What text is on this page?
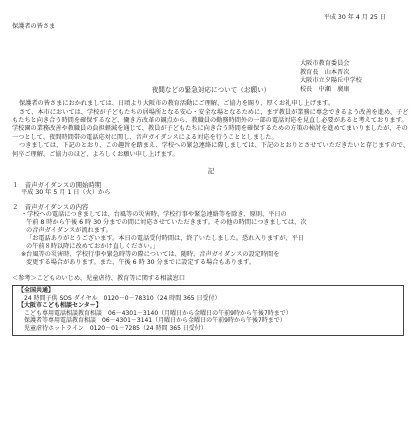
平成 30 年 4 月 25 日
保護者の皆さま
大阪市教育委員会
教育長　山本晋次
大阪市立夕陽丘中学校
校長　中瀬　廣康
夜間などの緊急対応について（お願い）

保護者の皆さまにおかれましては、日頃より大阪市の教育活動にご理解、ご協力を賜り、厚くお礼申し上げます。

さて、本市においては、学校が子どもたちの居場所となる安心・安全な場となるために、まず教員が業務に専念できるよう改善を進め、子どもたちと向き合う時間を確保するなど、働き方改革の観点から、教職員の勤務時間外の一部の電話対応を見直し必要があると考えております。学校園の業務改善や教職員の負担軽減を通じて、教員が子どもたちに向き合う時間を確保するための方策の検討を進めてまいりましたが、その一つとして、夜間時間帯の電話応対に関し、音声ガイダンスによる対応を行うこととしました。

つきましては、下記のとおり、この趣旨を踏まえ、学校への緊急連絡に際しましては、下記のとおりとさせていただきたいと存じますので、何卒ご理解、ご協力のほど、よろしくお願い申し上げます。

記
１　音声ガイダンスの開始時期
平成 30 年 5 月 1 日（火）から
２　音声ガイダンスの内容
・学校への電話につきましては、台風等の災害時、学校行事や緊急連絡等を除き、原則、平日の
午前 8 時から午後 6 時 30 分までの間に対応させていただきます。その他の時間につきましては、次
の音声ガイダンスが流れます。
「お電話ありがとうございます。本日の電話受付時間は、終了いたしました。恐れ入りますが、平日
の午前８時以降に改めておかけ直しください。」
※台風等の災害時、学校行事や緊急時等の際については、随時、音声ガイダンスの設定時間を
変更する場合があります。また、午後 6 時 30 分までに設定する場合もあります。
＜参考＞こどものいじめ、児童虐待、教育等に関する相談窓口
【全国共通】
24 時間子供 SOS ダイヤル　0120－0－78310（24 時間 365 日受付）
【大阪市こども相談センター】
こども専用電話相談教育相談　06－4301－3140（月曜日から金曜日の午前9時から午後7時まで）
保護者等専用電話教育相談　06－4301－3141（月曜日から金曜日の午前9時から午後7時まで）
児童虐待ホットライン　0120－01－7285（24 時間 365 日受付）
